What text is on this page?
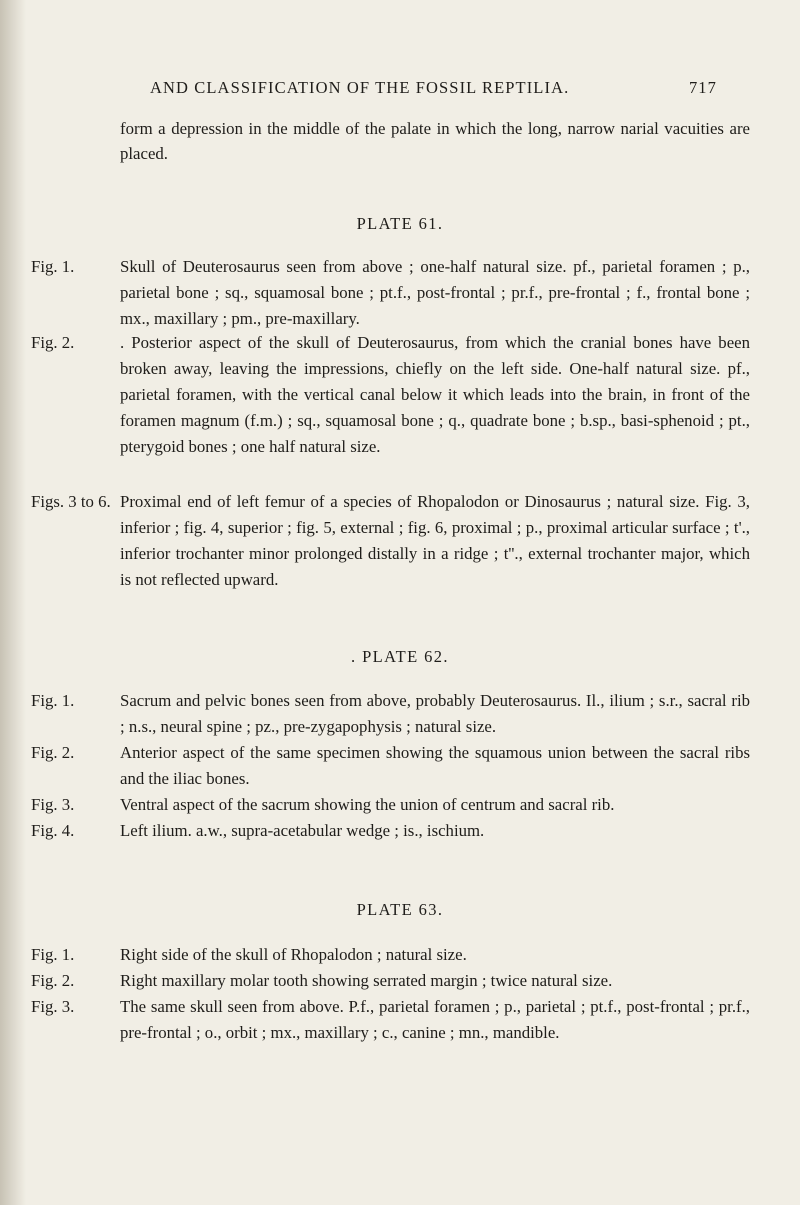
AND CLASSIFICATION OF THE FOSSIL REPTILIA.	717
form a depression in the middle of the palate in which the long, narrow narial vacuities are placed.
PLATE 61.
Fig. 1.	Skull of Deuterosaurus seen from above ; one-half natural size. pf., parietal foramen ; p., parietal bone ; sq., squamosal bone ; pt.f., post-frontal ; pr.f., pre-frontal ; f., frontal bone ; mx., maxillary ; pm., pre-maxillary.
Fig. 2.	. Posterior aspect of the skull of Deuterosaurus, from which the cranial bones have been broken away, leaving the impressions, chiefly on the left side. One-half natural size. pf., parietal foramen, with the vertical canal below it which leads into the brain, in front of the foramen magnum (f.m.) ; sq., squamosal bone ; q., quadrate bone ; b.sp., basi-sphenoid ; pt., pterygoid bones ; one half natural size.
Figs. 3 to 6. Proximal end of left femur of a species of Rhopalodon or Dinosaurus ; natural size. Fig. 3, inferior ; fig. 4, superior ; fig. 5, external ; fig. 6, proximal ; p., proximal articular surface ; t'., inferior trochanter minor prolonged distally in a ridge ; t''., external trochanter major, which is not reflected upward.
. PLATE 62.
Fig. 1.	Sacrum and pelvic bones seen from above, probably Deuterosaurus. Il., ilium ; s.r., sacral rib ; n.s., neural spine ; pz., pre-zygapophysis ; natural size.
Fig. 2.	Anterior aspect of the same specimen showing the squamous union between the sacral ribs and the iliac bones.
Fig. 3.	Ventral aspect of the sacrum showing the union of centrum and sacral rib.
Fig. 4.	Left ilium. a.w., supra-acetabular wedge ; is., ischium.
PLATE 63.
Fig. 1.	Right side of the skull of Rhopalodon ; natural size.
Fig. 2.	Right maxillary molar tooth showing serrated margin ; twice natural size.
Fig. 3.	The same skull seen from above. P.f., parietal foramen ; p., parietal ; pt.f., post-frontal ; pr.f., pre-frontal ; o., orbit ; mx., maxillary ; c., canine ; mn., mandible.
